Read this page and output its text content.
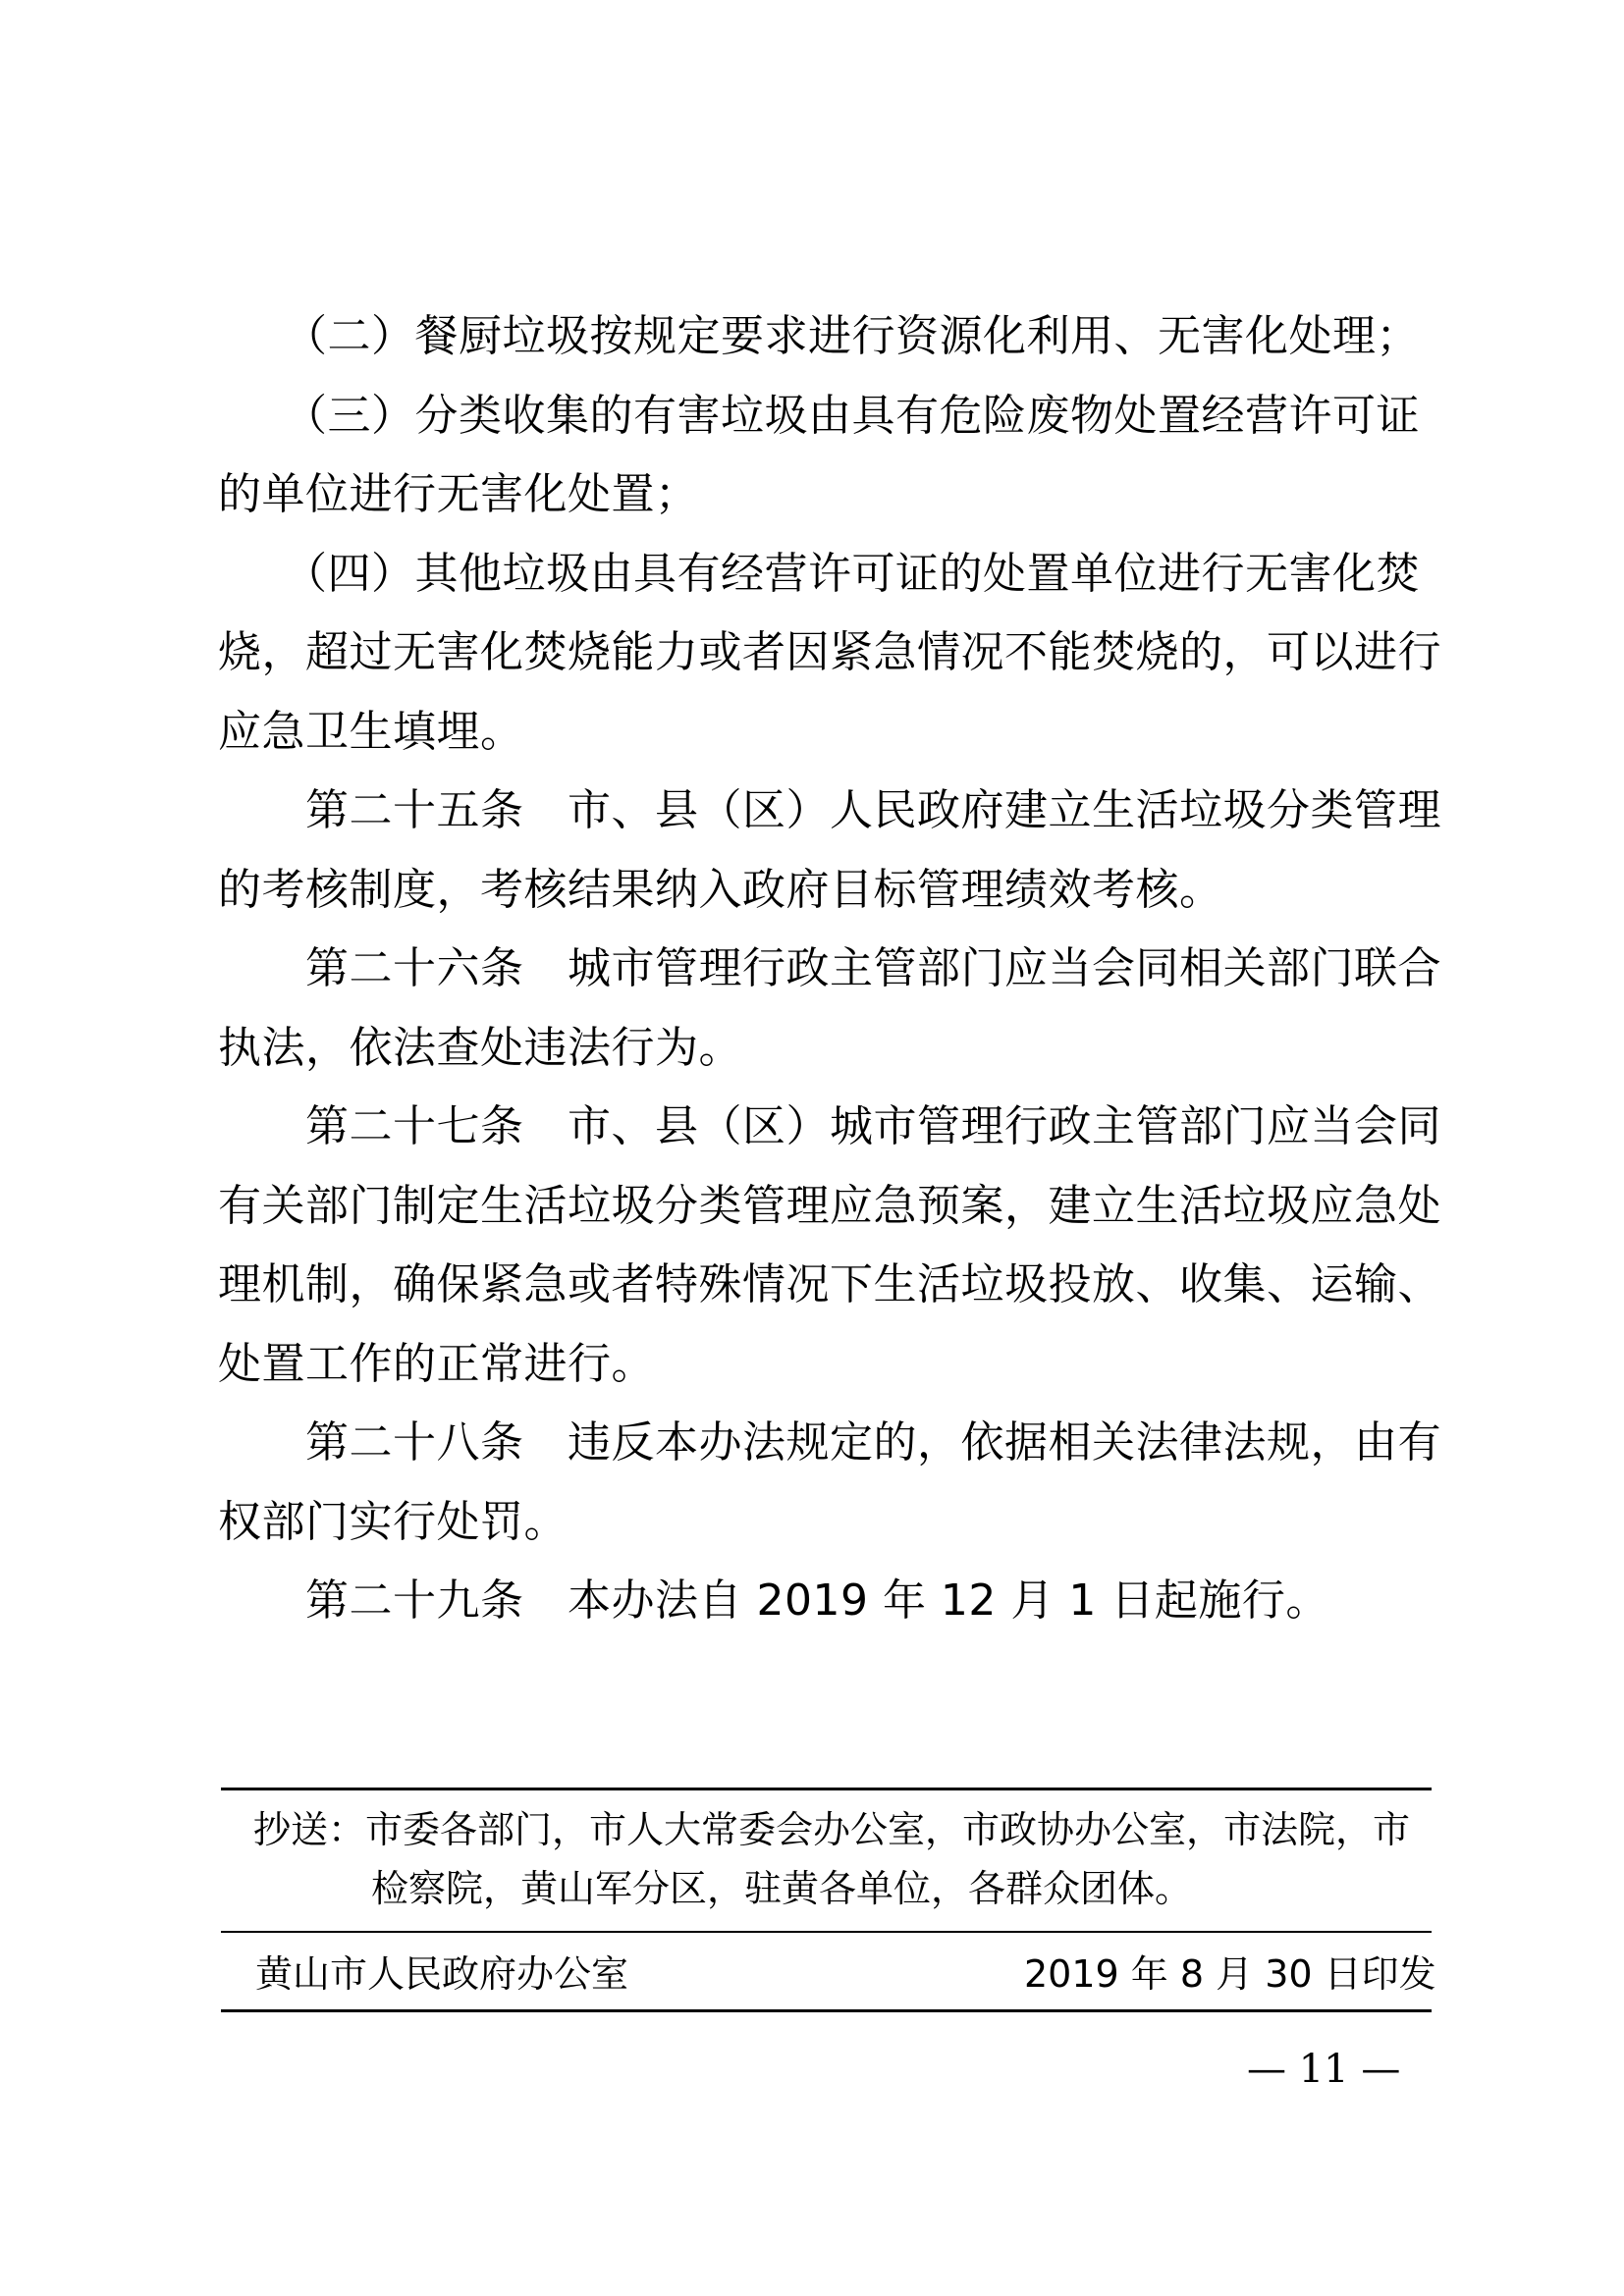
　　（二）餐厨垃圾按规定要求进行资源化利用、无害化处理；
　　（三）分类收集的有害垃圾由具有危险废物处置经营许可证
的单位进行无害化处置；
　　（四）其他垃圾由具有经营许可证的处置单位进行无害化焚
烧，超过无害化焚烧能力或者因紧急情况不能焚烧的，可以进行
应急卫生填埋。
　　第二十五条　市、县（区）人民政府建立生活垃圾分类管理
的考核制度，考核结果纳入政府目标管理绩效考核。
　　第二十六条　城市管理行政主管部门应当会同相关部门联合
执法，依法查处违法行为。
　　第二十七条　市、县（区）城市管理行政主管部门应当会同
有关部门制定生活垃圾分类管理应急预案，建立生活垃圾应急处
理机制，确保紧急或者特殊情况下生活垃圾投放、收集、运输、
处置工作的正常进行。
　　第二十八条　违反本办法规定的，依据相关法律法规，由有
权部门实行处罚。
　　第二十九条　本办法自 2019 年 12 月 1 日起施行。
抄送：市委各部门，市人大常委会办公室，市政协办公室，市法院，市
检察院，黄山军分区，驻黄各单位，各群众团体。
黄山市人民政府办公室	2019 年 8 月 30 日印发
— 11 —
